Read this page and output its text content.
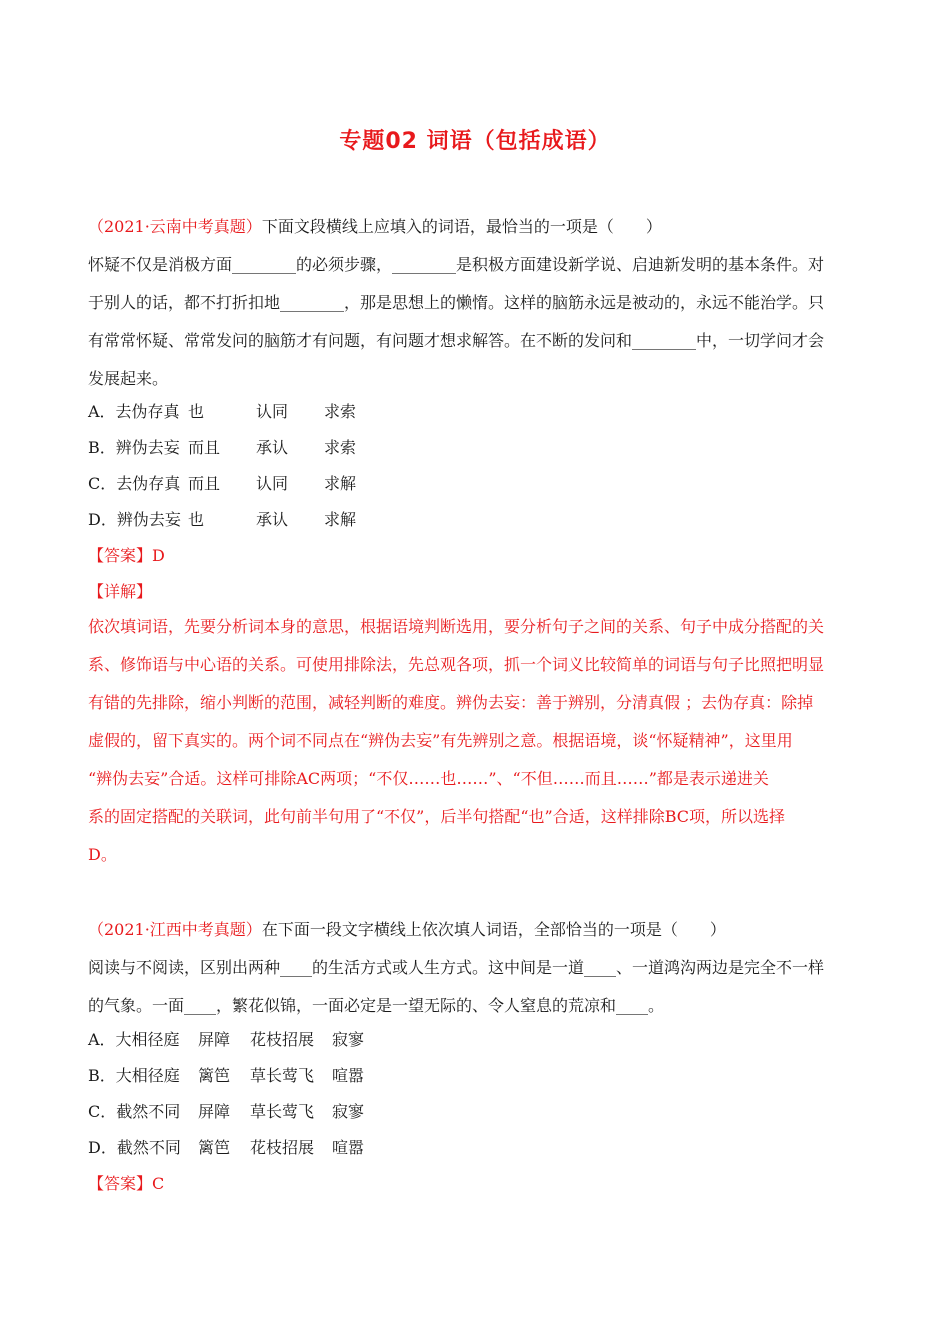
专题02 词语（包括成语）
（2021·云南中考真题）下面文段横线上应填入的词语，最恰当的一项是（　　）
怀疑不仅是消极方面________的必须步骤，________是积极方面建设新学说、启迪新发明的基本条件。对
于别人的话，都不打折扣地________，那是思想上的懒惰。这样的脑筋永远是被动的，永远不能治学。只
有常常怀疑、常常发问的脑筋才有问题，有问题才想求解答。在不断的发问和________中，一切学问才会
发展起来。
A．去伪存真 也	认同 求索
B．辨伪去妄 而且 承认 求索
C．去伪存真 而且 认同 求解
D．辨伪去妄 也	承认 求解
【答案】D
【详解】
依次填词语，先要分析词本身的意思，根据语境判断选用，要分析句子之间的关系、句子中成分搭配的关
系、修饰语与中心语的关系。可使用排除法，先总观各项，抓一个词义比较简单的词语与句子比照把明显
有错的先排除，缩小判断的范围，减轻判断的难度。辨伪去妄：善于辨别，分清真假 ；去伪存真：除掉
虚假的，留下真实的。两个词不同点在“辨伪去妄”有先辨别之意。根据语境，谈“怀疑精神”，这里用
“辨伪去妄”合适。这样可排除AC两项；“不仅……也……”、“不但……而且……”都是表示递进关
系的固定搭配的关联词，此句前半句用了“不仅”，后半句搭配“也”合适，这样排除BC项，所以选择
D。
（2021·江西中考真题）在下面一段文字横线上依次填人词语，全部恰当的一项是（　　）
阅读与不阅读，区别出两种____的生活方式或人生方式。这中间是一道____、一道鸿沟两边是完全不一样
的气象。一面____，繁花似锦，一面必定是一望无际的、令人窒息的荒凉和____。
A．大相径庭 屏障 花枝招展 寂寥
B．大相径庭 篱笆 草长莺飞 喧嚣
C．截然不同 屏障 草长莺飞 寂寥
D．截然不同 篱笆 花枝招展 喧嚣
【答案】C
